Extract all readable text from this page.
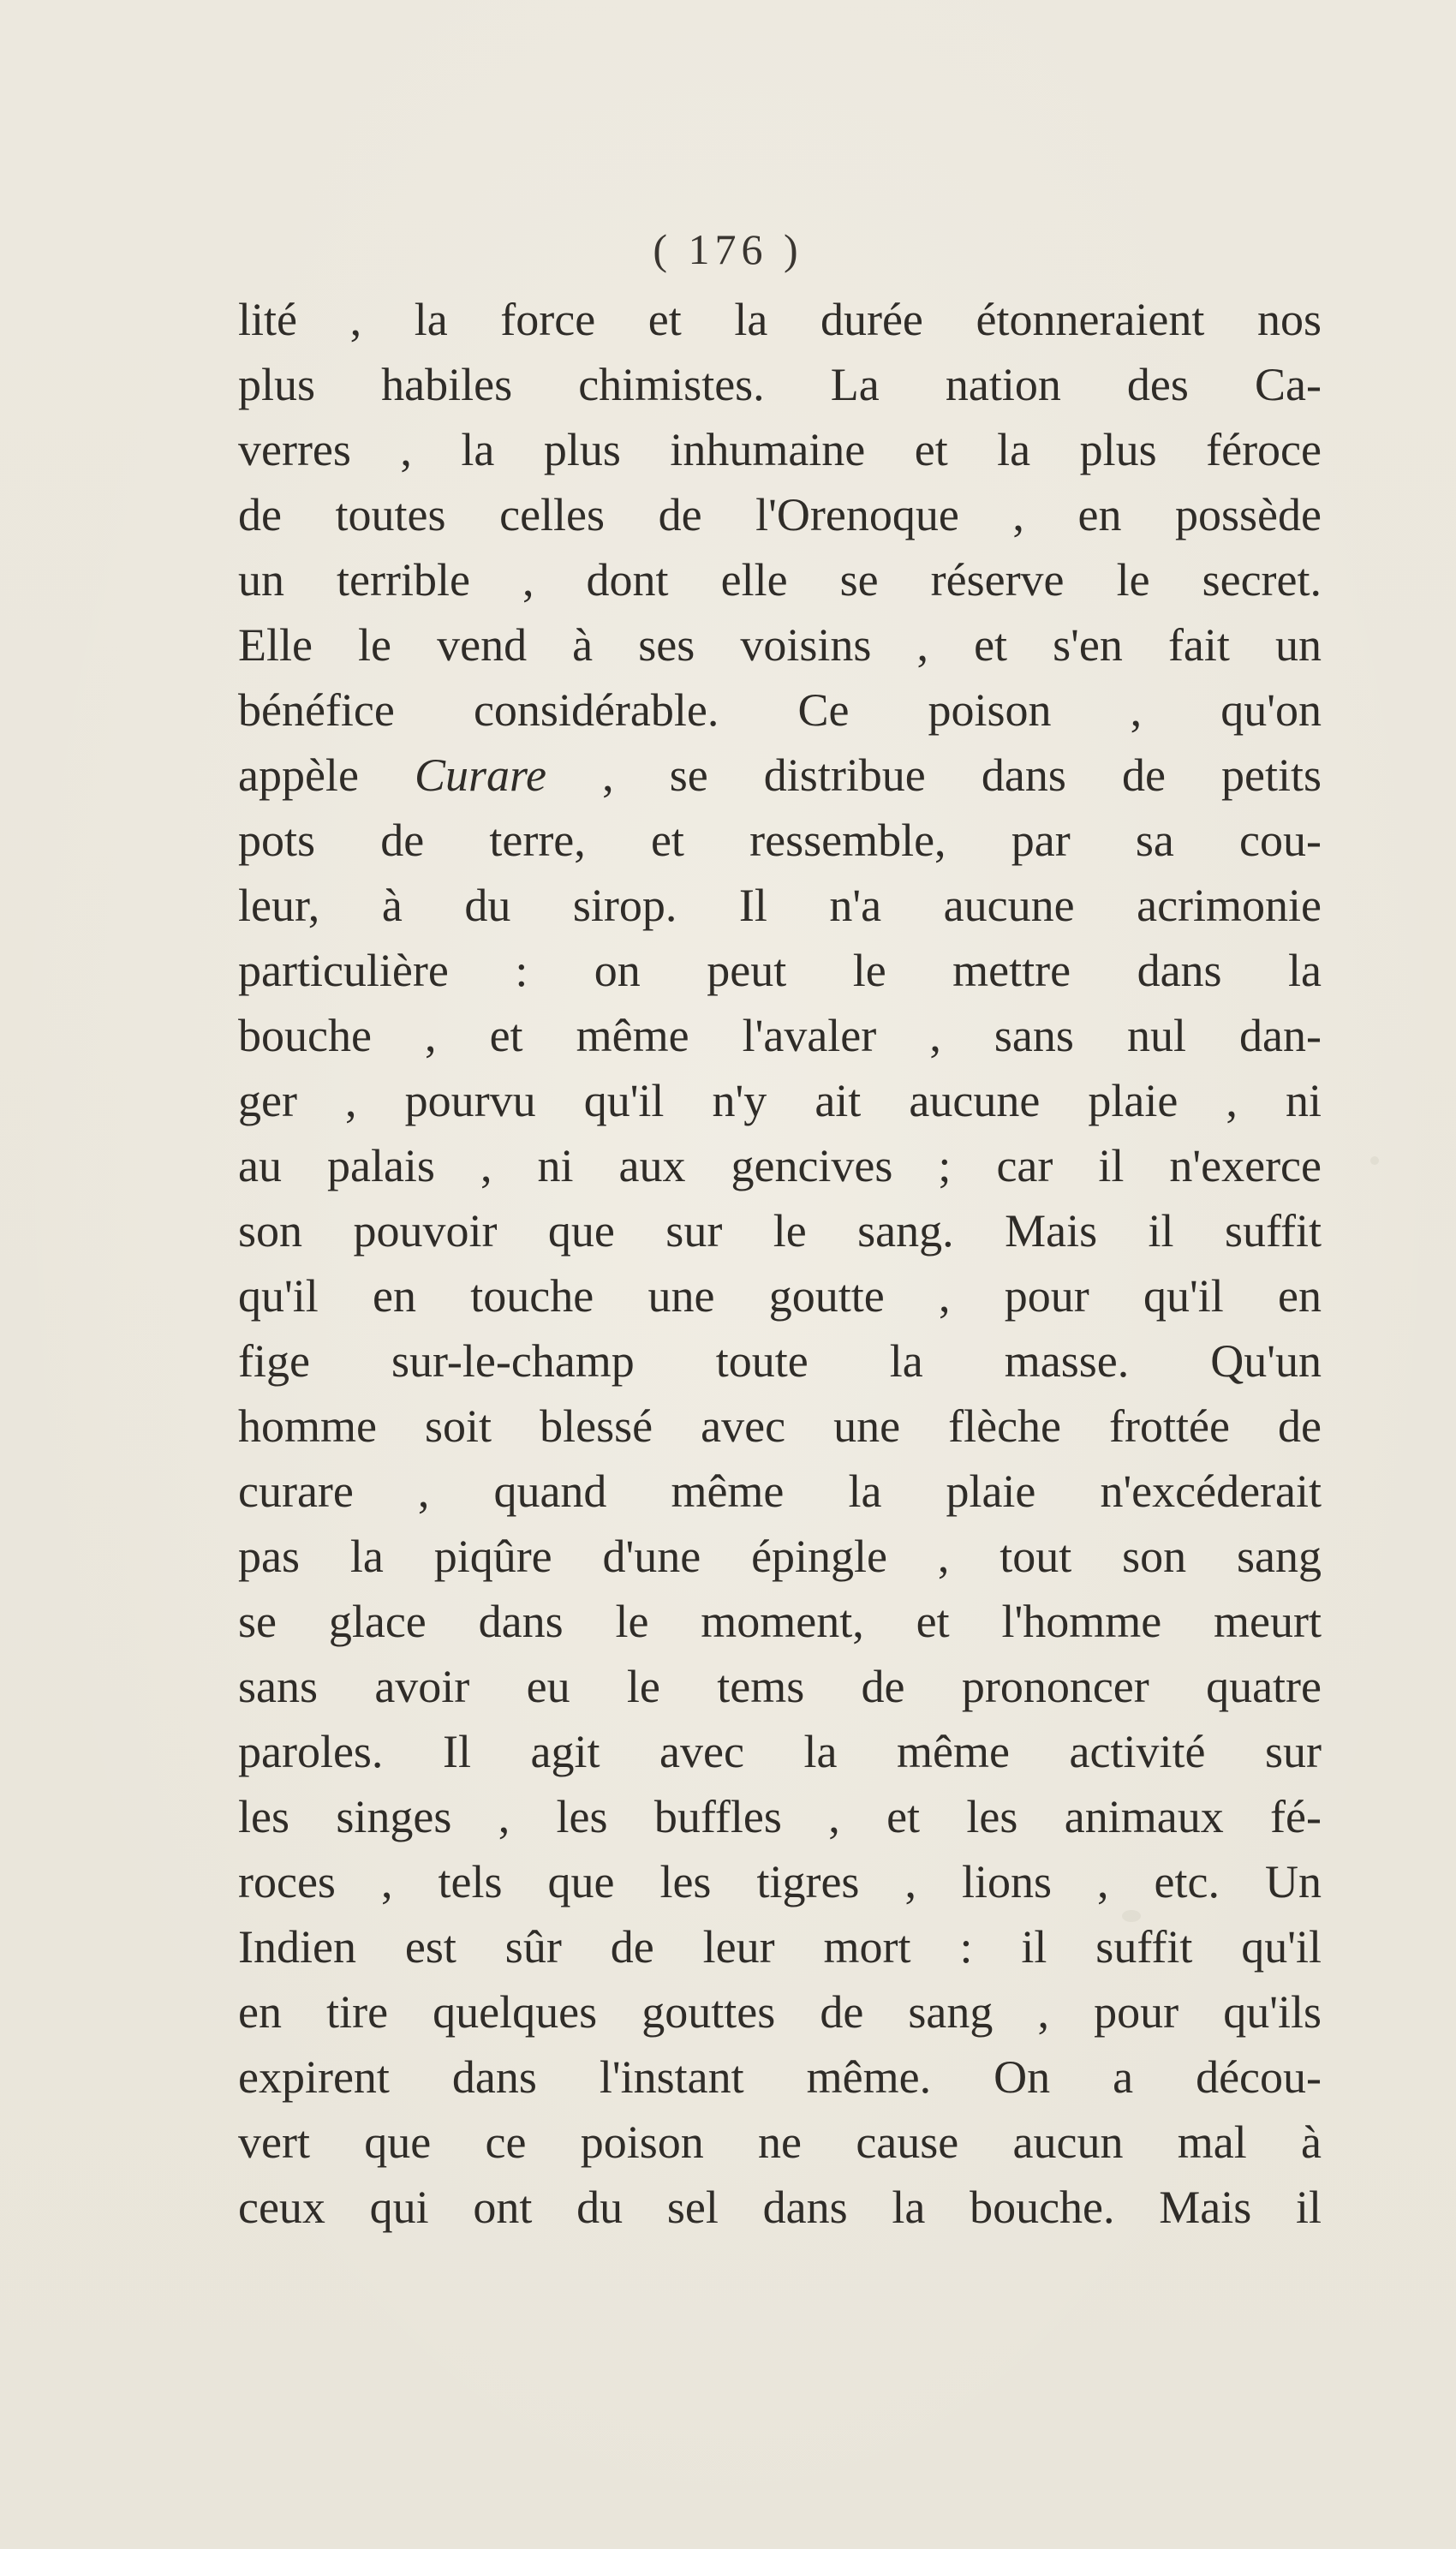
( 176 )
lité , la force et la durée étonneraient nos
plus habiles chimistes. La nation des Ca-
verres , la plus inhumaine et la plus féroce
de toutes celles de l'Orenoque , en possède
un terrible , dont elle se réserve le secret.
Elle le vend à ses voisins , et s'en fait un
bénéfice considérable. Ce poison , qu'on
appèle Curare , se distribue dans de petits
pots de terre, et ressemble, par sa cou-
leur, à du sirop. Il n'a aucune acrimonie
particulière : on peut le mettre dans la
bouche , et même l'avaler , sans nul dan-
ger , pourvu qu'il n'y ait aucune plaie , ni
au palais , ni aux gencives ; car il n'exerce
son pouvoir que sur le sang. Mais il suffit
qu'il en touche une goutte , pour qu'il en
fige sur-le-champ toute la masse. Qu'un
homme soit blessé avec une flèche frottée de
curare , quand même la plaie n'excéderait
pas la piqûre d'une épingle , tout son sang
se glace dans le moment, et l'homme meurt
sans avoir eu le tems de prononcer quatre
paroles. Il agit avec la même activité sur
les singes , les buffles , et les animaux fé-
roces , tels que les tigres , lions , etc. Un
Indien est sûr de leur mort : il suffit qu'il
en tire quelques gouttes de sang , pour qu'ils
expirent dans l'instant même. On a décou-
vert que ce poison ne cause aucun mal à
ceux qui ont du sel dans la bouche. Mais il
